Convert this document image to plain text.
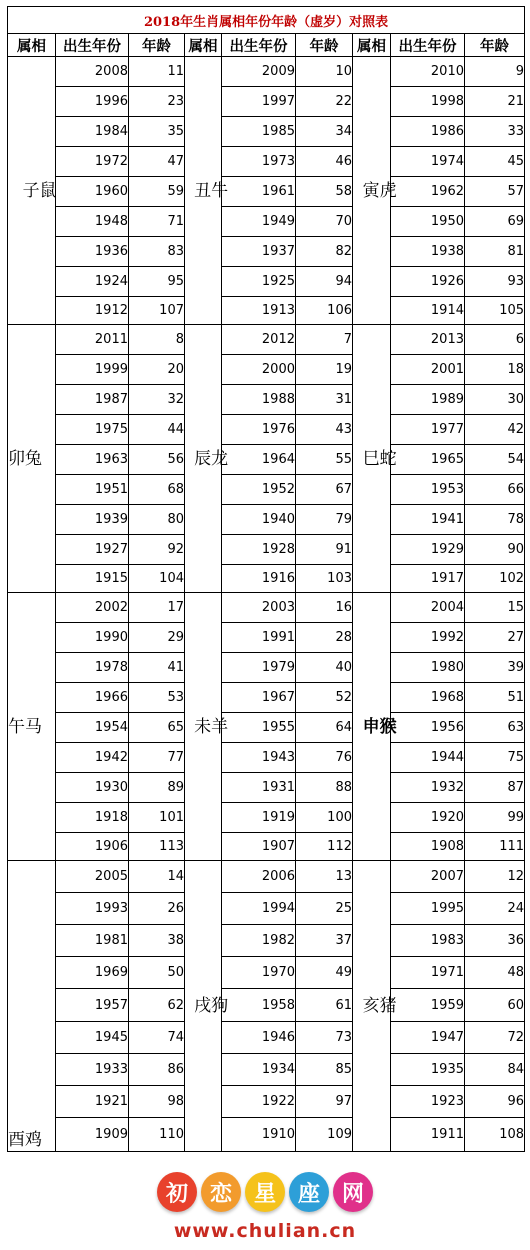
2018年生肖属相年份年龄（虚岁）对照表								
属相	出生年份	年龄	属相	出生年份	年龄	属相	出生年份	年龄
子鼠	2008	11	丑牛	2009	10	寅虎	2010	9
	1996	23		1997	22		1998	21
	1984	35		1985	34		1986	33
	1972	47		1973	46		1974	45
	1960	59		1961	58		1962	57
	1948	71		1949	70		1950	69
	1936	83		1937	82		1938	81
	1924	95		1925	94		1926	93
	1912	107		1913	106		1914	105
卯兔	2011	8	辰龙	2012	7	巳蛇	2013	6
	1999	20		2000	19		2001	18
	1987	32		1988	31		1989	30
	1975	44		1976	43		1977	42
	1963	56		1964	55		1965	54
	1951	68		1952	67		1953	66
	1939	80		1940	79		1941	78
	1927	92		1928	91		1929	90
	1915	104		1916	103		1917	102
午马	2002	17	未羊	2003	16	申猴	2004	15
	1990	29		1991	28		1992	27
	1978	41		1979	40		1980	39
	1966	53		1967	52		1968	51
	1954	65		1955	64		1956	63
	1942	77		1943	76		1944	75
	1930	89		1931	88		1932	87
	1918	101		1919	100		1920	99
	1906	113		1907	112		1908	111
酉鸡	2005	14	戌狗	2006	13	亥猪	2007	12
	1993	26		1994	25		1995	24
	1981	38		1982	37		1983	36
	1969	50		1970	49		1971	48
	1957	62		1958	61		1959	60
	1945	74		1946	73		1947	72
	1933	86		1934	85		1935	84
	1921	98		1922	97		1923	96
	1909	110		1910	109		1911	108
初 恋 星 座 网
www.chulian.cn
